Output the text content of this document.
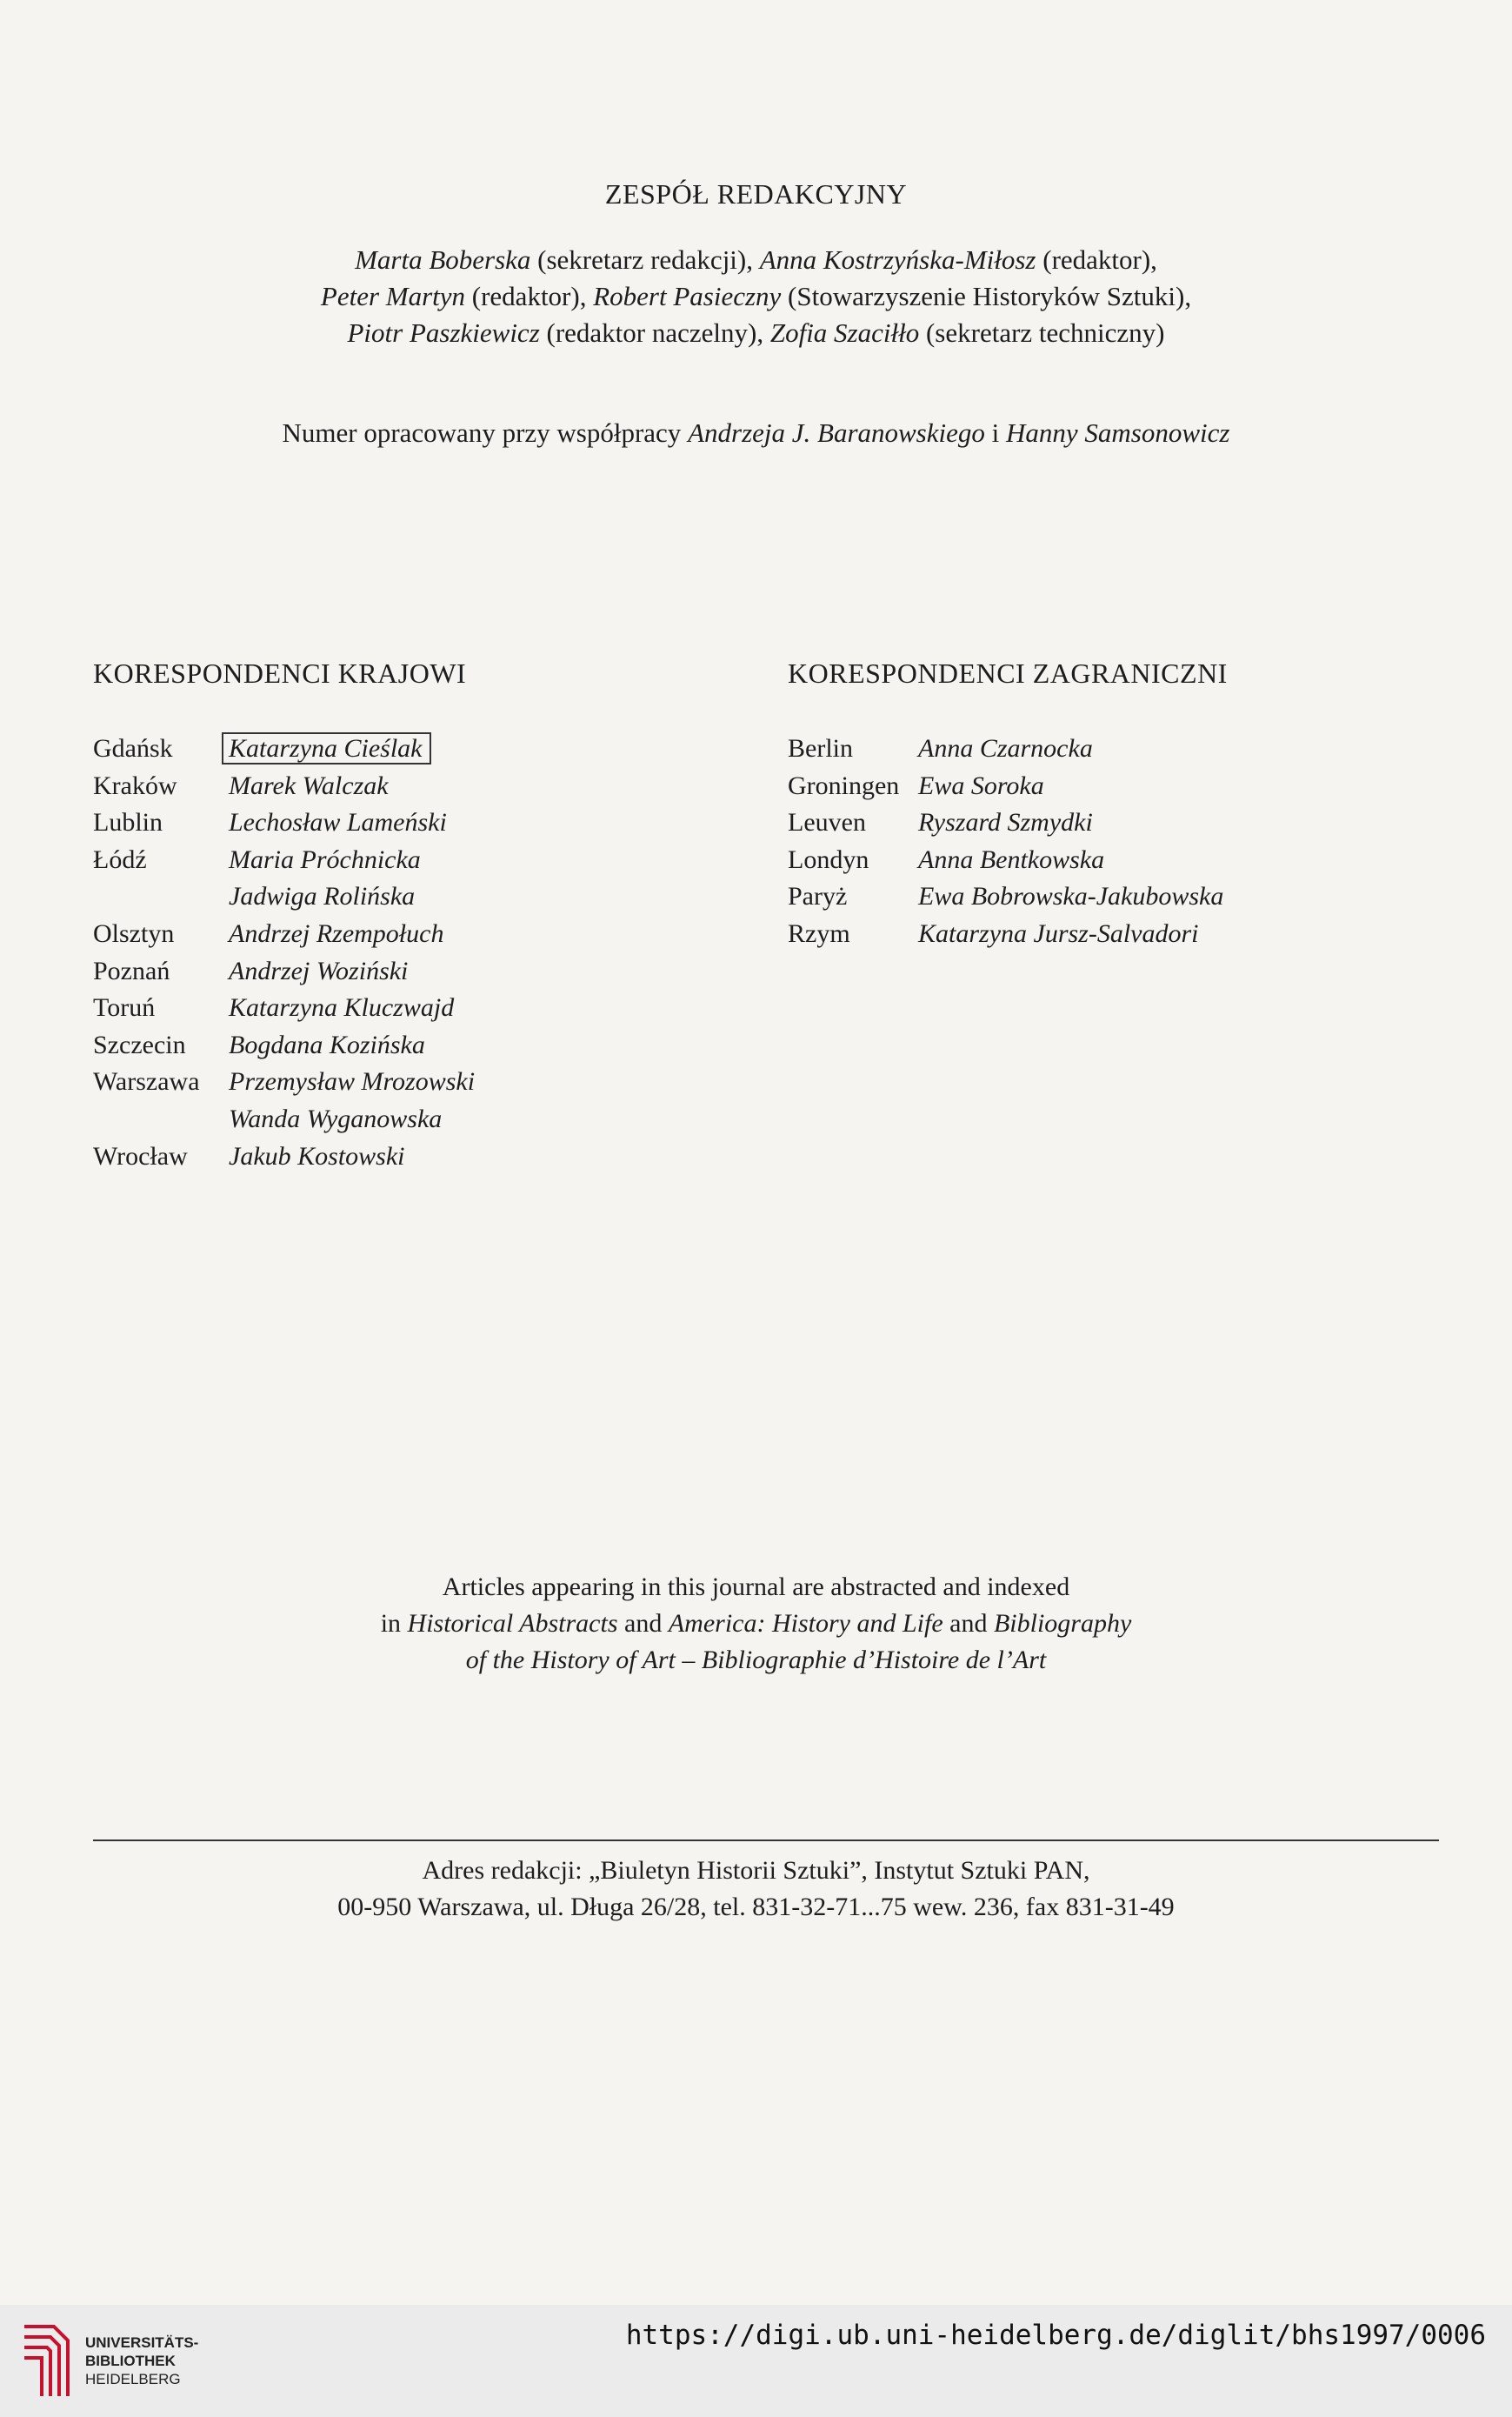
ZESPÓŁ REDAKCYJNY
Marta Boberska (sekretarz redakcji), Anna Kostrzyńska-Miłosz (redaktor),
Peter Martyn (redaktor), Robert Pasieczny (Stowarzyszenie Historyków Sztuki),
Piotr Paszkiewicz (redaktor naczelny), Zofia Szaciłło (sekretarz techniczny)
Numer opracowany przy współpracy Andrzeja J. Baranowskiego i Hanny Samsonowicz
KORESPONDENCI KRAJOWI	KORESPONDENCI ZAGRANICZNI
Gdańsk Katarzyna Cieślak
Kraków Marek Walczak
Lublin	Lechosław Lameński
Łódź	Maria Próchnicka
Jadwiga Rolińska
Olsztyn Andrzej Rzempołuch
Poznań Andrzej Woziński
Toruń	Katarzyna Kluczwajd
Szczecin Bogdana Kozińska
Warszawa Przemysław Mrozowski
Wanda Wyganowska
Wrocław Jakub Kostowski
Berlin	Anna Czarnocka
Groningen Ewa Soroka
Leuven Ryszard Szmydki
Londyn Anna Bentkowska
Paryż	Ewa Bobrowska-Jakubowska
Rzym	Katarzyna Jursz-Salvadori
Articles appearing in this journal are abstracted and indexed
in Historical Abstracts and America: History and Life and Bibliography
of the History of Art – Bibliographie d’Histoire de l’Art
Adres redakcji: „Biuletyn Historii Sztuki”, Instytut Sztuki PAN,
00-950 Warszawa, ul. Długa 26/28, tel. 831-32-71...75 wew. 236, fax 831-31-49
UNIVERSITÄTS-
BIBLIOTHEK
HEIDELBERG
https://digi.ub.uni-heidelberg.de/diglit/bhs1997/0006
